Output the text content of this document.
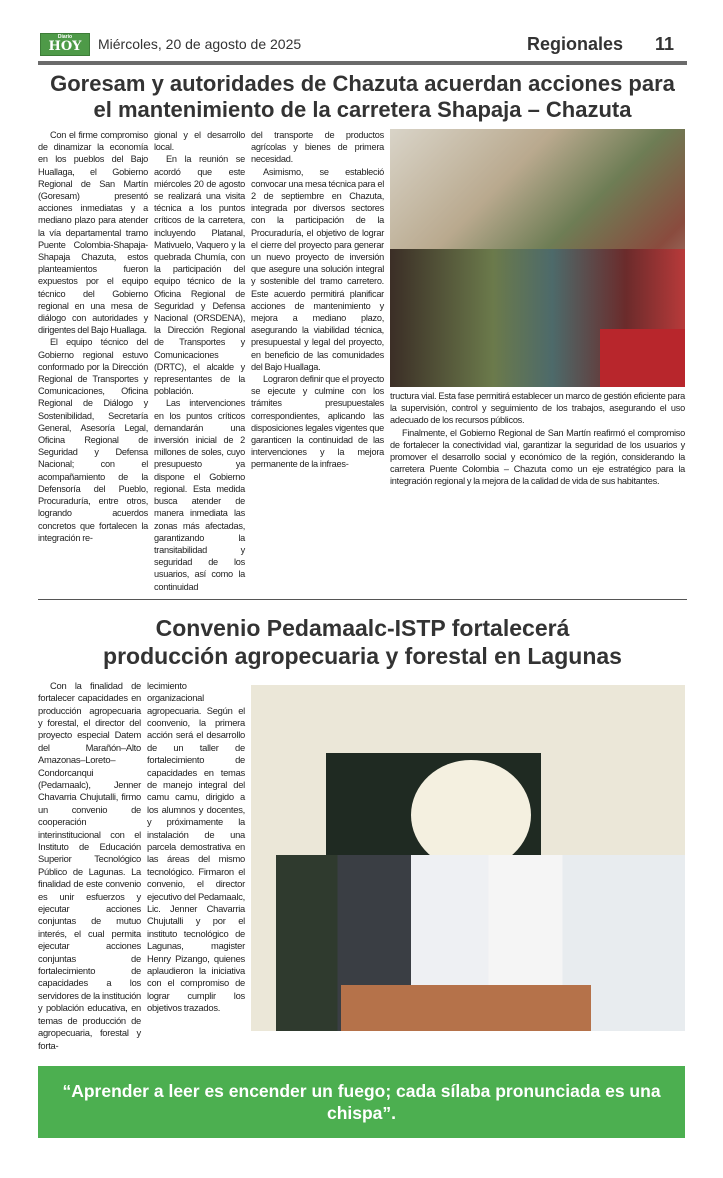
Diario
HOY	Miércoles, 20 de agosto de 2025	Regionales 11
Goresam y autoridades de Chazuta acuerdan acciones para
el mantenimiento de la carretera Shapaja – Chazuta

Con el firme compromiso de dinamizar la economía en los pueblos del Bajo Huallaga, el Gobierno Regional de San Martín (Goresam) presentó acciones inmediatas y a mediano plazo para atender la vía departamental tramo Puente Colombia-Shapaja-Shapaja Chazuta, estos planteamientos fueron expuestos por el equipo técnico del Gobierno regional en una mesa de diálogo con autoridades y dirigentes del Bajo Huallaga.

El equipo técnico del Gobierno regional estuvo conformado por la Dirección Regional de Transportes y Comunicaciones, Oficina Regional de Diálogo y Sostenibilidad, Secretaría General, Asesoría Legal, Oficina Regional de Seguridad y Defensa Nacional; con el acompañamiento de la Defensoría del Pueblo, Procuraduría, entre otros, logrando acuerdos concretos que fortalecen la integración re-

gional y el desarrollo local.

En la reunión se acordó que este miércoles 20 de agosto se realizará una visita técnica a los puntos críticos de la carretera, incluyendo Platanal, Mativuelo, Vaquero y la quebrada Chumía, con la participación del equipo técnico de la Oficina Regional de Seguridad y Defensa Nacional (ORSDENA), la Dirección Regional de Transportes y Comunicaciones (DRTC), el alcalde y representantes de la población.

Las intervenciones en los puntos críticos demandarán una inversión inicial de 2 millones de soles, cuyo presupuesto ya dispone el Gobierno regional. Esta medida busca atender de manera inmediata las zonas más afectadas, garantizando la transitabilidad y seguridad de los usuarios, así como la continuidad

del transporte de productos agrícolas y bienes de primera necesidad.

Asimismo, se estableció convocar una mesa técnica para el 2 de septiembre en Chazuta, integrada por diversos sectores con la participación de la Procuraduría, el objetivo de lograr el cierre del proyecto para generar un nuevo proyecto de inversión que asegure una solución integral y sostenible del tramo carretero. Este acuerdo permitirá planificar acciones de mantenimiento y mejora a mediano plazo, asegurando la viabilidad técnica, presupuestal y legal del proyecto, en beneficio de las comunidades del Bajo Huallaga.

Lograron definir que el proyecto se ejecute y culmine con los trámites presupuestales correspondientes, aplicando las disposiciones legales vigentes que garanticen la continuidad de las intervenciones y la mejora permanente de la infraes-

tructura vial. Esta fase permitirá establecer un marco de gestión eficiente para la supervisión, control y seguimiento de los trabajos, asegurando el uso adecuado de los recursos públicos.

Finalmente, el Gobierno Regional de San Martín reafirmó el compromiso de fortalecer la conectividad vial, garantizar la seguridad de los usuarios y promover el desarrollo social y económico de la región, considerando la carretera Puente Colombia – Chazuta como un eje estratégico para la integración regional y la mejora de la calidad de vida de sus habitantes.

Convenio Pedamaalc-ISTP fortalecerá
producción agropecuaria y forestal en Lagunas

Con la finalidad de fortalecer capacidades en producción agropecuaria y forestal, el director del proyecto especial Datem del Marañón–Alto Amazonas–Loreto–Condorcanqui (Pedamaalc), Jenner Chavarria Chujutalli, firmo un convenio de cooperación interinstitucional con el Instituto de Educación Superior Tecnológico Público de Lagunas. La finalidad de este convenio es unir esfuerzos y ejecutar acciones conjuntas de mutuo interés, el cual permita ejecutar acciones conjuntas de fortalecimiento de capacidades a los servidores de la institución y población educativa, en temas de producción de agropecuaria, forestal y forta-

lecimiento organizacional agropecuaria. Según el coonvenio, la primera acción será el desarrollo de un taller de fortalecimiento de capacidades en temas de manejo integral del camu camu, dirigido a los alumnos y docentes, y próximamente la instalación de una parcela demostrativa en las áreas del mismo tecnológico. Firmaron el convenio, el director ejecutivo del Pedamaalc, Lic. Jenner Chavarria Chujutalli y por el instituto tecnológico de Lagunas, magister Henry Pizango, quienes aplaudieron la iniciativa con el compromiso de lograr cumplir los objetivos trazados.

“Aprender a leer es encender un fuego; cada sílaba pronunciada es una chispa”.
